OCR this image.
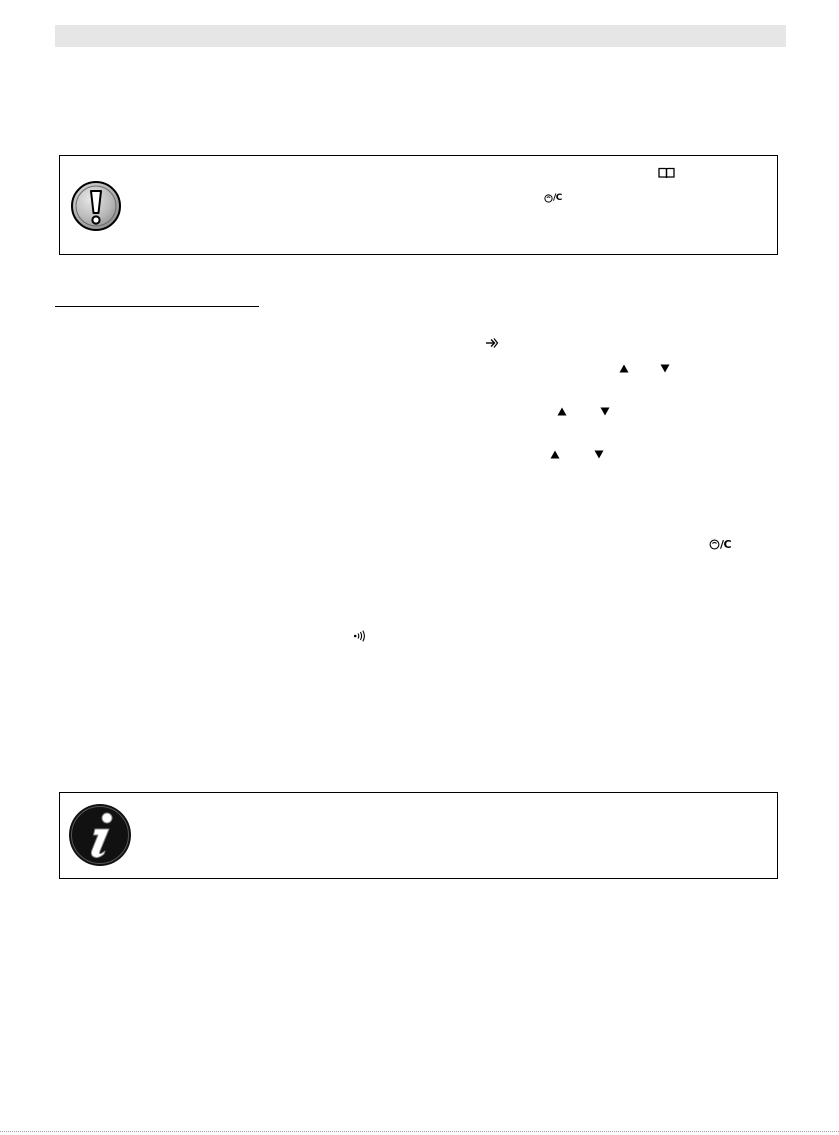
/C
/C
